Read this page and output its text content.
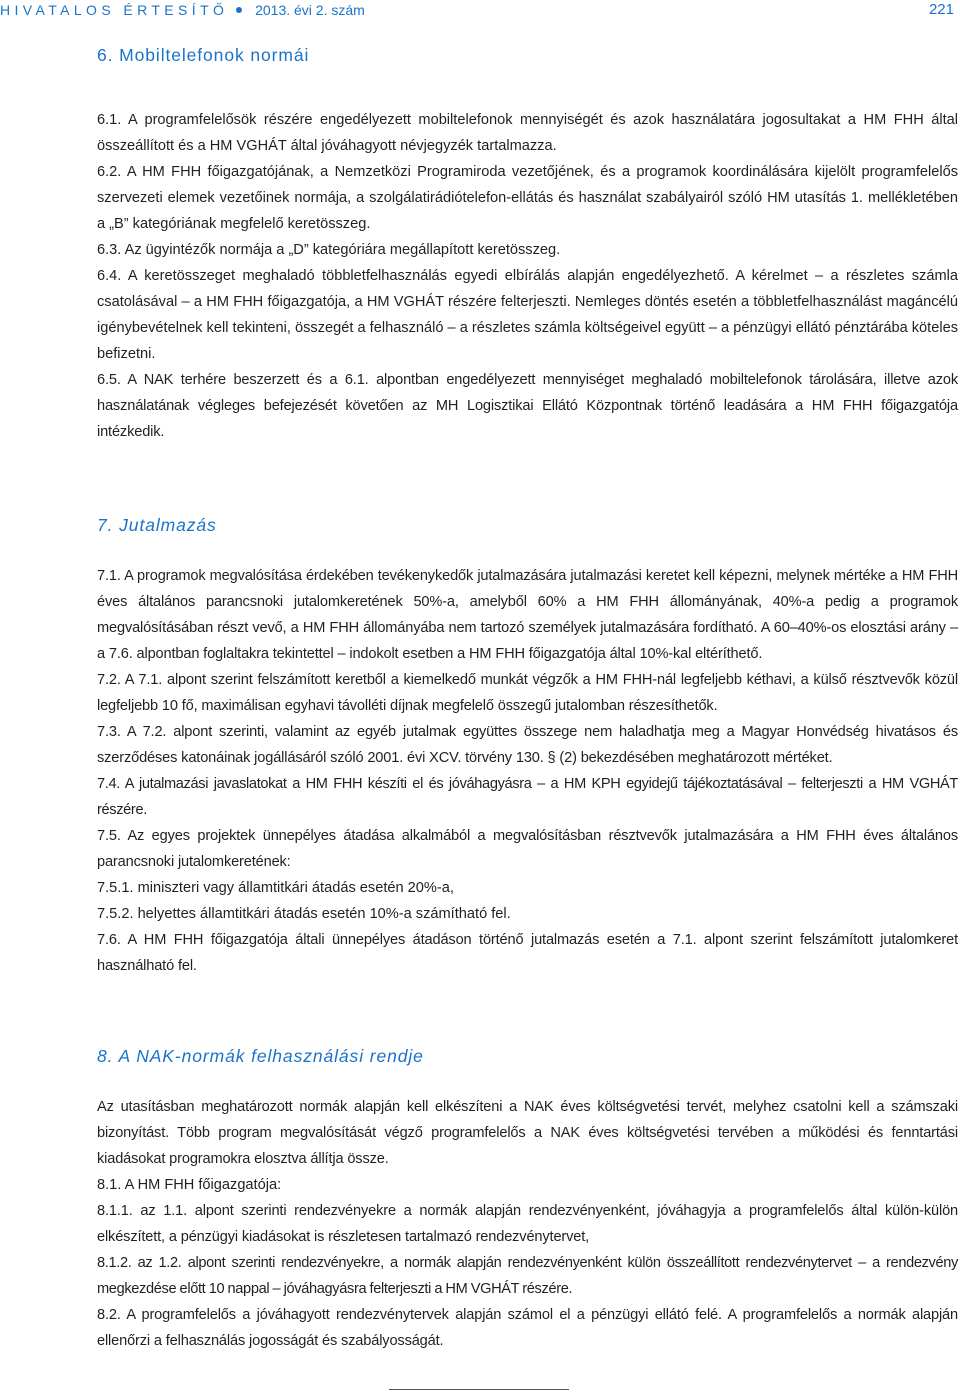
HIVATALOS ÉRTESÍTŐ 2013. évi 2. szám	221
6. Mobiltelefonok normái

6.1. A programfelelősök részére engedélyezett mobiltelefonok mennyiségét és azok használatára jogosultakat a HM FHH által összeállított és a HM VGHÁT által jóváhagyott névjegyzék tartalmazza.

6.2. A HM FHH főigazgatójának, a Nemzetközi Programiroda vezetőjének, és a programok koordinálására kijelölt programfelelős szervezeti elemek vezetőinek normája, a szolgálatirádiótelefon-ellátás és használat szabályairól szóló HM utasítás 1. mellékletében a „B” kategóriának megfelelő keretösszeg.

6.3. Az ügyintézők normája a „D” kategóriára megállapított keretösszeg.

6.4. A keretösszeget meghaladó többletfelhasználás egyedi elbírálás alapján engedélyezhető. A kérelmet – a részletes számla csatolásával – a HM FHH főigazgatója, a HM VGHÁT részére felterjeszti. Nemleges döntés esetén a többletfelhasználást magáncélú igénybevételnek kell tekinteni, összegét a felhasználó – a részletes számla költségeivel együtt – a pénzügyi ellátó pénztárába köteles befizetni.

6.5. A NAK terhére beszerzett és a 6.1. alpontban engedélyezett mennyiséget meghaladó mobiltelefonok tárolására, illetve azok használatának végleges befejezését követően az MH Logisztikai Ellátó Központnak történő leadására a HM FHH főigazgatója intézkedik.

7. Jutalmazás

7.1. A programok megvalósítása érdekében tevékenykedők jutalmazására jutalmazási keretet kell képezni, melynek mértéke a HM FHH éves általános parancsnoki jutalomkeretének 50%-a, amelyből 60% a HM FHH állományának, 40%-a pedig a programok megvalósításában részt vevő, a HM FHH állományába nem tartozó személyek jutalmazására fordítható. A 60–40%-os elosztási arány – a 7.6. alpontban foglaltakra tekintettel – indokolt esetben a HM FHH főigazgatója által 10%-kal eltéríthető.

7.2. A 7.1. alpont szerint felszámított keretből a kiemelkedő munkát végzők a HM FHH-nál legfeljebb kéthavi, a külső résztvevők közül legfeljebb 10 fő, maximálisan egyhavi távolléti díjnak megfelelő összegű jutalomban részesíthetők.

7.3. A 7.2. alpont szerinti, valamint az egyéb jutalmak együttes összege nem haladhatja meg a Magyar Honvédség hivatásos és szerződéses katonáinak jogállásáról szóló 2001. évi XCV. törvény 130. § (2) bekezdésében meghatározott mértéket.

7.4. A jutalmazási javaslatokat a HM FHH készíti el és jóváhagyásra – a HM KPH egyidejű tájékoztatásával – felterjeszti a HM VGHÁT részére.

7.5. Az egyes projektek ünnepélyes átadása alkalmából a megvalósításban résztvevők jutalmazására a HM FHH éves általános parancsnoki jutalomkeretének:

7.5.1. miniszteri vagy államtitkári átadás esetén 20%-a,

7.5.2. helyettes államtitkári átadás esetén 10%-a számítható fel.

7.6. A HM FHH főigazgatója általi ünnepélyes átadáson történő jutalmazás esetén a 7.1. alpont szerint felszámított jutalomkeret használható fel.

8. A NAK-normák felhasználási rendje

Az utasításban meghatározott normák alapján kell elkészíteni a NAK éves költségvetési tervét, melyhez csatolni kell a számszaki bizonyítást. Több program megvalósítását végző programfelelős a NAK éves költségvetési tervében a működési és fenntartási kiadásokat programokra elosztva állítja össze.

8.1. A HM FHH főigazgatója:

8.1.1. az 1.1. alpont szerinti rendezvényekre a normák alapján rendezvényenként, jóváhagyja a programfelelős által külön-külön elkészített, a pénzügyi kiadásokat is részletesen tartalmazó rendezvénytervet,

8.1.2. az 1.2. alpont szerinti rendezvényekre, a normák alapján rendezvényenként külön összeállított rendezvénytervet – a rendezvény megkezdése előtt 10 nappal – jóváhagyásra felterjeszti a HM VGHÁT részére.

8.2. A programfelelős a jóváhagyott rendezvénytervek alapján számol el a pénzügyi ellátó felé. A programfelelős a normák alapján ellenőrzi a felhasználás jogosságát és szabályosságát.
